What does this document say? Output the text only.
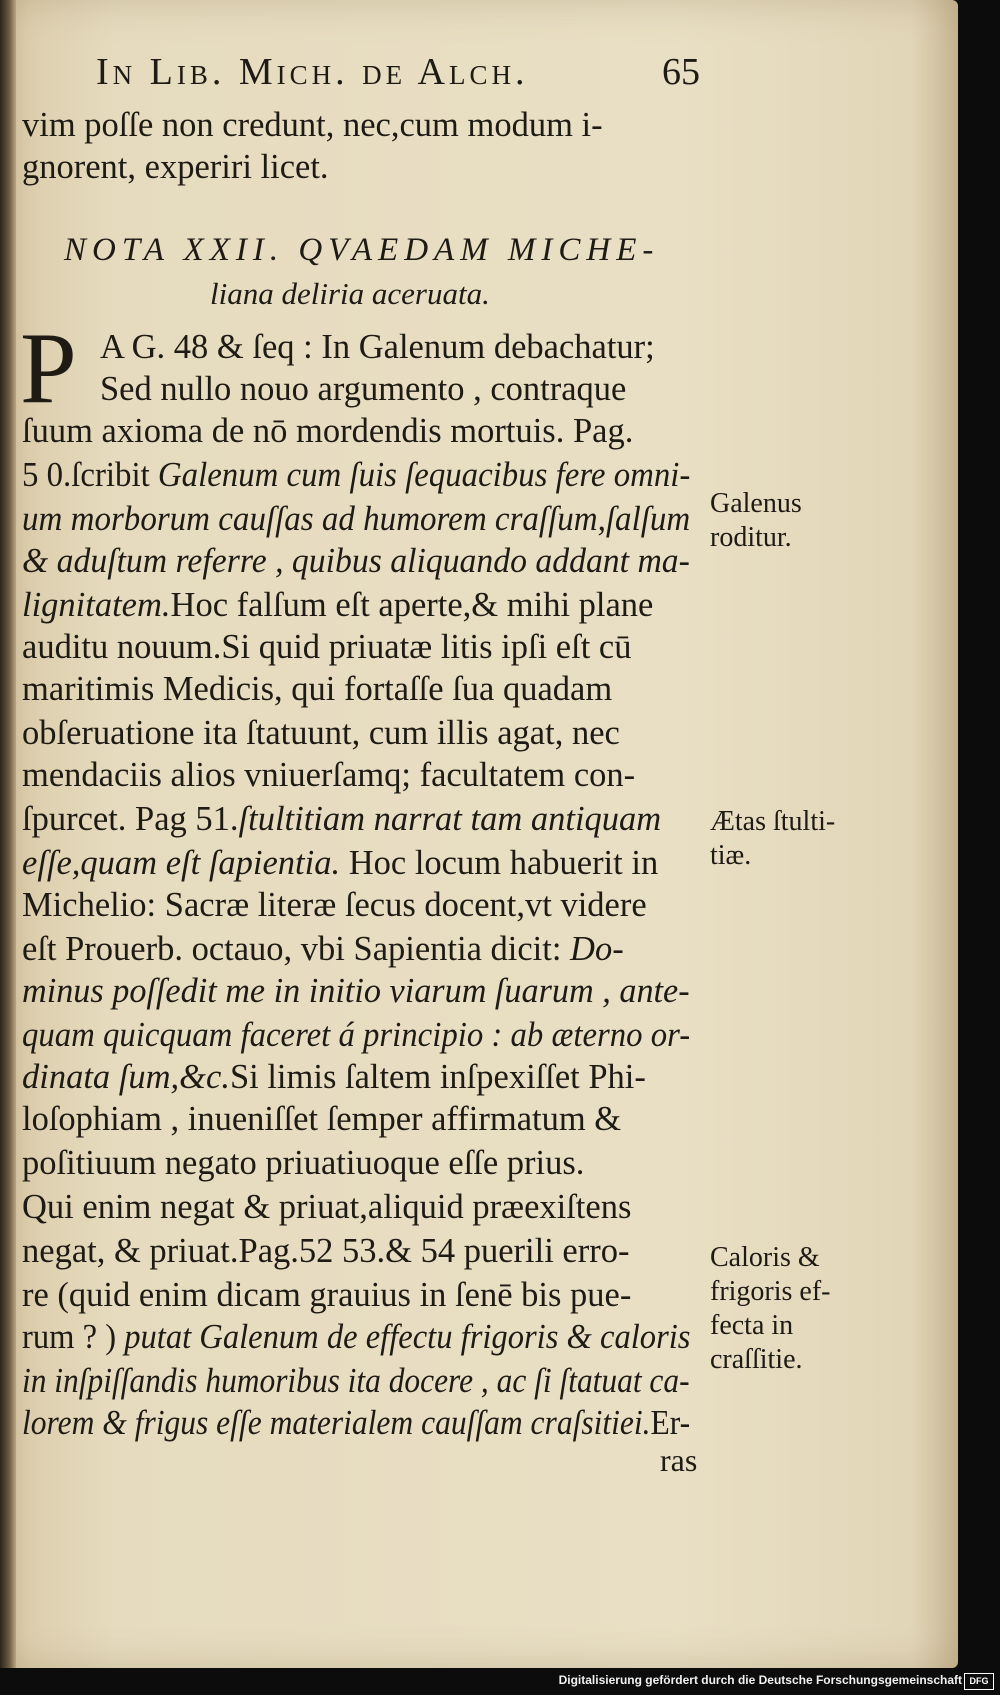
In Lib. Mich. de Alch.	65
vim poſſe non credunt, nec,cum modum i-
gnorent, experiri licet.
NOTA XXII. QVAEDAM MICHE-
liana deliria aceruata.
P A G. 48 & ſeq : In Galenum debachatur;
Sed nullo nouo argumento , contraque
ſuum axioma de nō mordendis mortuis. Pag.
5 0.ſcribit Galenum cum ſuis ſequacibus fere omni-
um morborum cauſſas ad humorem craſſum,ſalſum
& aduſtum referre , quibus aliquando addant ma-
lignitatem.Hoc falſum eſt aperte,& mihi plane
auditu nouum.Si quid priuatæ litis ipſi eſt cū
maritimis Medicis, qui fortaſſe ſua quadam
obſeruatione ita ſtatuunt, cum illis agat, nec
mendaciis alios vniuerſamq; facultatem con-
ſpurcet. Pag 51.ſtultitiam narrat tam antiquam
eſſe,quam eſt ſapientia. Hoc locum habuerit in
Michelio: Sacræ literæ ſecus docent,vt videre
eſt Prouerb. octauo, vbi Sapientia dicit: Do-
minus poſſedit me in initio viarum ſuarum , ante-
quam quicquam faceret á principio : ab æterno or-
dinata ſum,&c.Si limis ſaltem inſpexiſſet Phi-
loſophiam , inueniſſet ſemper affirmatum &
poſitiuum negato priuatiuoque eſſe prius.
Qui enim negat & priuat,aliquid præexiſtens
negat, & priuat.Pag.52 53.& 54 puerili erro-
re (quid enim dicam grauius in ſenē bis pue-
rum ? ) putat Galenum de effectu frigoris & caloris
in inſpiſſandis humoribus ita docere , ac ſi ſtatuat ca-
lorem & frigus eſſe materialem cauſſam craſsitiei.Er-
Galenus
roditur.
Ætas ſtulti-
tiæ.
Caloris &
frigoris ef-
fecta in
craſſitie.
ras
Digitalisierung gefördert durch die Deutsche Forschungsgemeinschaft DFG
